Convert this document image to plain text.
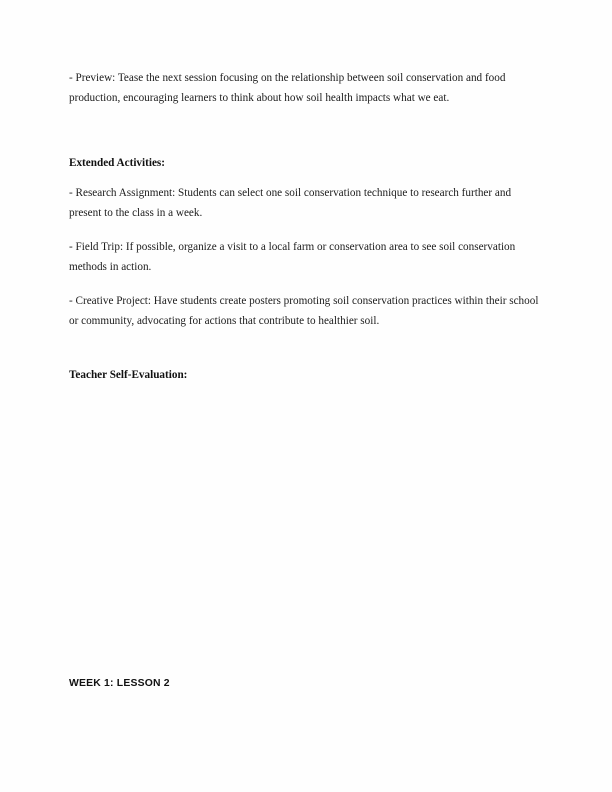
- Preview: Tease the next session focusing on the relationship between soil conservation and food production, encouraging learners to think about how soil health impacts what we eat.

Extended Activities:

- Research Assignment: Students can select one soil conservation technique to research further and present to the class in a week.

- Field Trip: If possible, organize a visit to a local farm or conservation area to see soil conservation methods in action.

- Creative Project: Have students create posters promoting soil conservation practices within their school or community, advocating for actions that contribute to healthier soil.

Teacher Self-Evaluation:

WEEK 1: LESSON 2
